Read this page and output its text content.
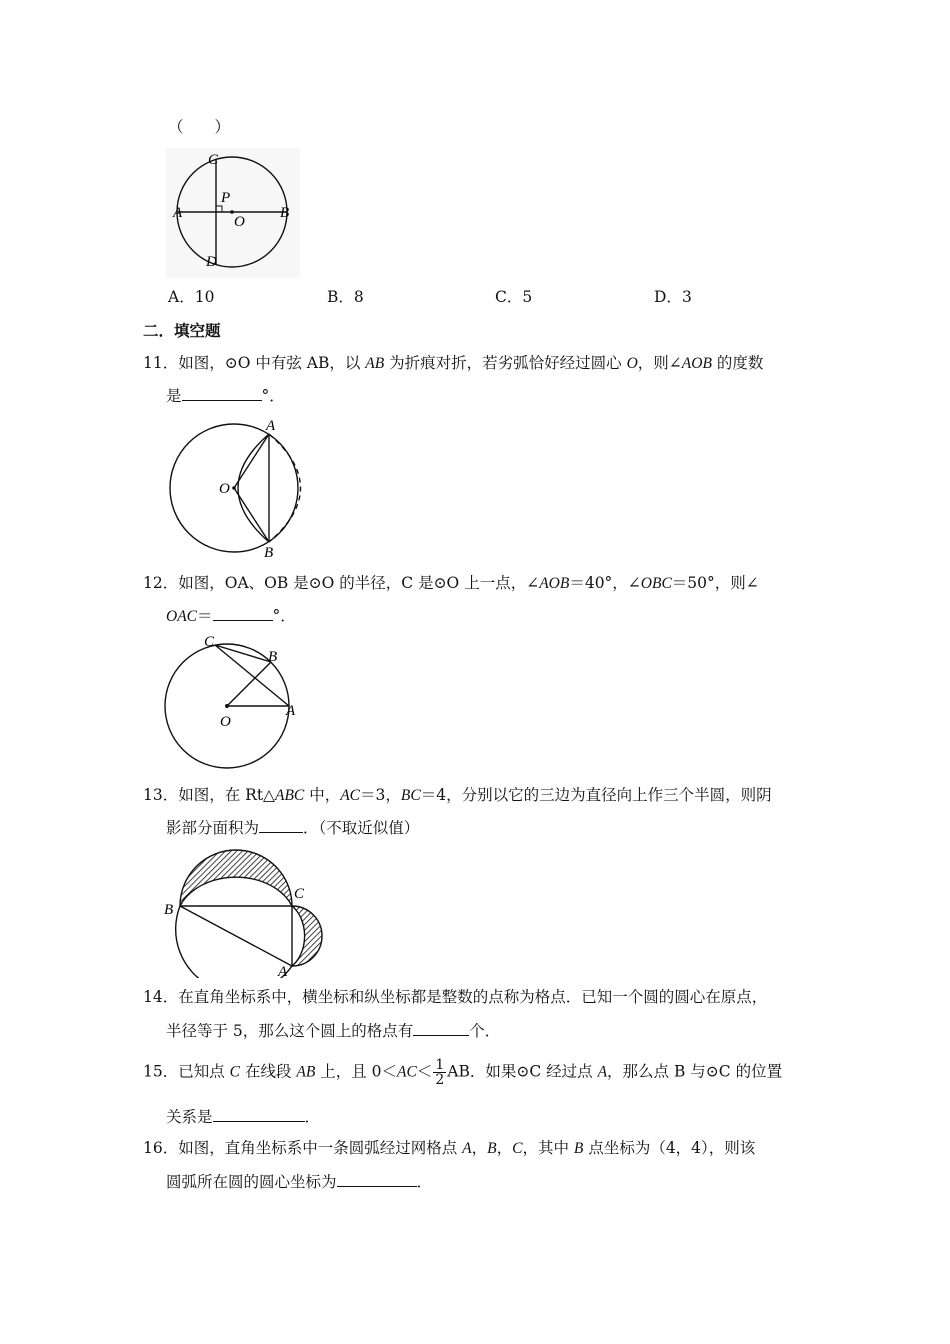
（　　）
C
P
A
O
B
D
A．10	B．8	C．5	D．3
二．填空题
11．如图，⊙O 中有弦 AB，以 AB 为折痕对折，若劣弧恰好经过圆心 O，则∠AOB 的度数
是	°．
A
O
B
12．如图，OA、OB 是⊙O 的半径，C 是⊙O 上一点，∠AOB＝40°，∠OBC＝50°，则∠
OAC＝	°．
C
B
O
A
13．如图，在 Rt△ABC 中，AC＝3，BC＝4，分别以它的三边为直径向上作三个半圆，则阴
影部分面积为	．（不取近似值）
B
C
A
14．在直角坐标系中，横坐标和纵坐标都是整数的点称为格点．已知一个圆的圆心在原点，
半径等于 5，那么这个圆上的格点有	个．
15．已知点 C 在线段 AB 上，且 $0<AC< \frac{1}{2}$ AB．如果⊙C 经过点 A，那么点 B 与⊙C 的位置
关系是	．
16．如图，直角坐标系中一条圆弧经过网格点 A，B，C，其中 B 点坐标为（4，4），则该
圆弧所在圆的圆心坐标为	．
